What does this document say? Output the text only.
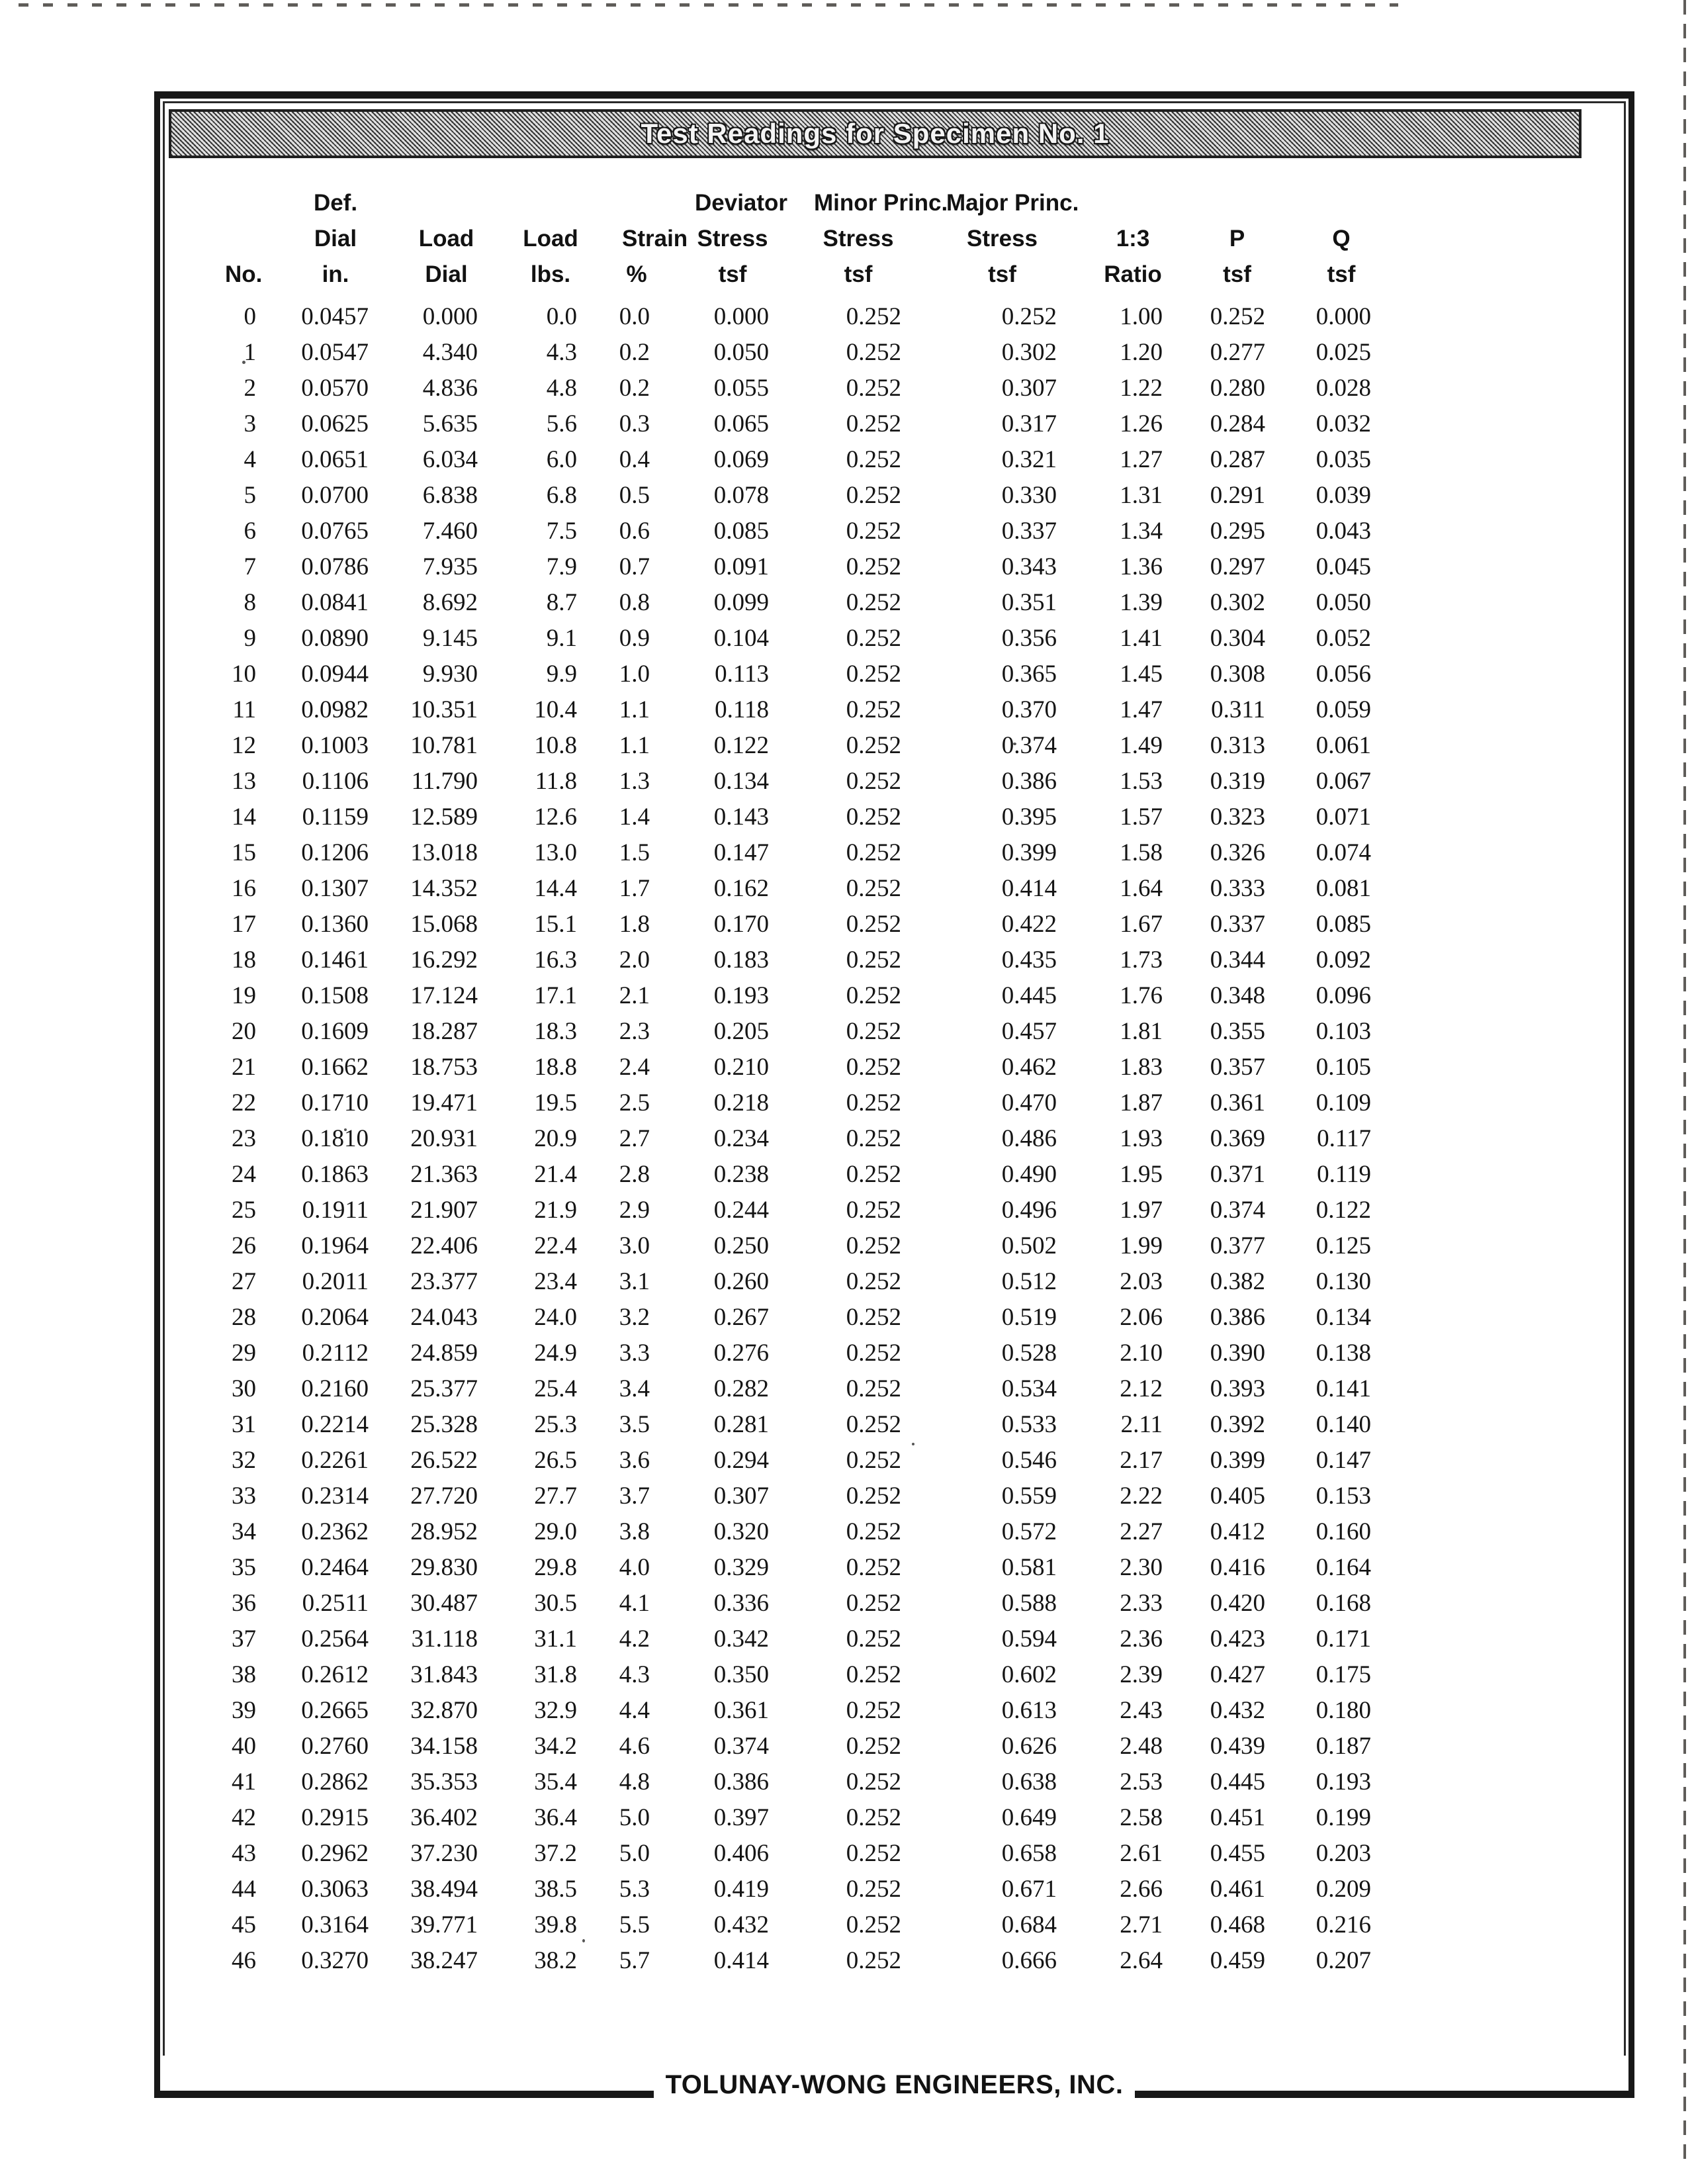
Test Readings for Specimen No. 1
	Def.				Deviator	Minor Princ.	Major Princ.			
	Dial	Load	Load	Strain	Stress	Stress	Stress	1:3	P	Q
No.	in.	Dial	lbs.	%	tsf	tsf	tsf	Ratio	tsf	tsf
0	0.0457	0.000	0.0	0.0	0.000	0.252	0.252	1.00	0.252	0.000
1	0.0547	4.340	4.3	0.2	0.050	0.252	0.302	1.20	0.277	0.025
2	0.0570	4.836	4.8	0.2	0.055	0.252	0.307	1.22	0.280	0.028
3	0.0625	5.635	5.6	0.3	0.065	0.252	0.317	1.26	0.284	0.032
4	0.0651	6.034	6.0	0.4	0.069	0.252	0.321	1.27	0.287	0.035
5	0.0700	6.838	6.8	0.5	0.078	0.252	0.330	1.31	0.291	0.039
6	0.0765	7.460	7.5	0.6	0.085	0.252	0.337	1.34	0.295	0.043
7	0.0786	7.935	7.9	0.7	0.091	0.252	0.343	1.36	0.297	0.045
8	0.0841	8.692	8.7	0.8	0.099	0.252	0.351	1.39	0.302	0.050
9	0.0890	9.145	9.1	0.9	0.104	0.252	0.356	1.41	0.304	0.052
10	0.0944	9.930	9.9	1.0	0.113	0.252	0.365	1.45	0.308	0.056
11	0.0982	10.351	10.4	1.1	0.118	0.252	0.370	1.47	0.311	0.059
12	0.1003	10.781	10.8	1.1	0.122	0.252	0.374	1.49	0.313	0.061
13	0.1106	11.790	11.8	1.3	0.134	0.252	0.386	1.53	0.319	0.067
14	0.1159	12.589	12.6	1.4	0.143	0.252	0.395	1.57	0.323	0.071
15	0.1206	13.018	13.0	1.5	0.147	0.252	0.399	1.58	0.326	0.074
16	0.1307	14.352	14.4	1.7	0.162	0.252	0.414	1.64	0.333	0.081
17	0.1360	15.068	15.1	1.8	0.170	0.252	0.422	1.67	0.337	0.085
18	0.1461	16.292	16.3	2.0	0.183	0.252	0.435	1.73	0.344	0.092
19	0.1508	17.124	17.1	2.1	0.193	0.252	0.445	1.76	0.348	0.096
20	0.1609	18.287	18.3	2.3	0.205	0.252	0.457	1.81	0.355	0.103
21	0.1662	18.753	18.8	2.4	0.210	0.252	0.462	1.83	0.357	0.105
22	0.1710	19.471	19.5	2.5	0.218	0.252	0.470	1.87	0.361	0.109
23	0.1810	20.931	20.9	2.7	0.234	0.252	0.486	1.93	0.369	0.117
24	0.1863	21.363	21.4	2.8	0.238	0.252	0.490	1.95	0.371	0.119
25	0.1911	21.907	21.9	2.9	0.244	0.252	0.496	1.97	0.374	0.122
26	0.1964	22.406	22.4	3.0	0.250	0.252	0.502	1.99	0.377	0.125
27	0.2011	23.377	23.4	3.1	0.260	0.252	0.512	2.03	0.382	0.130
28	0.2064	24.043	24.0	3.2	0.267	0.252	0.519	2.06	0.386	0.134
29	0.2112	24.859	24.9	3.3	0.276	0.252	0.528	2.10	0.390	0.138
30	0.2160	25.377	25.4	3.4	0.282	0.252	0.534	2.12	0.393	0.141
31	0.2214	25.328	25.3	3.5	0.281	0.252	0.533	2.11	0.392	0.140
32	0.2261	26.522	26.5	3.6	0.294	0.252	0.546	2.17	0.399	0.147
33	0.2314	27.720	27.7	3.7	0.307	0.252	0.559	2.22	0.405	0.153
34	0.2362	28.952	29.0	3.8	0.320	0.252	0.572	2.27	0.412	0.160
35	0.2464	29.830	29.8	4.0	0.329	0.252	0.581	2.30	0.416	0.164
36	0.2511	30.487	30.5	4.1	0.336	0.252	0.588	2.33	0.420	0.168
37	0.2564	31.118	31.1	4.2	0.342	0.252	0.594	2.36	0.423	0.171
38	0.2612	31.843	31.8	4.3	0.350	0.252	0.602	2.39	0.427	0.175
39	0.2665	32.870	32.9	4.4	0.361	0.252	0.613	2.43	0.432	0.180
40	0.2760	34.158	34.2	4.6	0.374	0.252	0.626	2.48	0.439	0.187
41	0.2862	35.353	35.4	4.8	0.386	0.252	0.638	2.53	0.445	0.193
42	0.2915	36.402	36.4	5.0	0.397	0.252	0.649	2.58	0.451	0.199
43	0.2962	37.230	37.2	5.0	0.406	0.252	0.658	2.61	0.455	0.203
44	0.3063	38.494	38.5	5.3	0.419	0.252	0.671	2.66	0.461	0.209
45	0.3164	39.771	39.8	5.5	0.432	0.252	0.684	2.71	0.468	0.216
46	0.3270	38.247	38.2	5.7	0.414	0.252	0.666	2.64	0.459	0.207
TOLUNAY-WONG ENGINEERS, INC.
